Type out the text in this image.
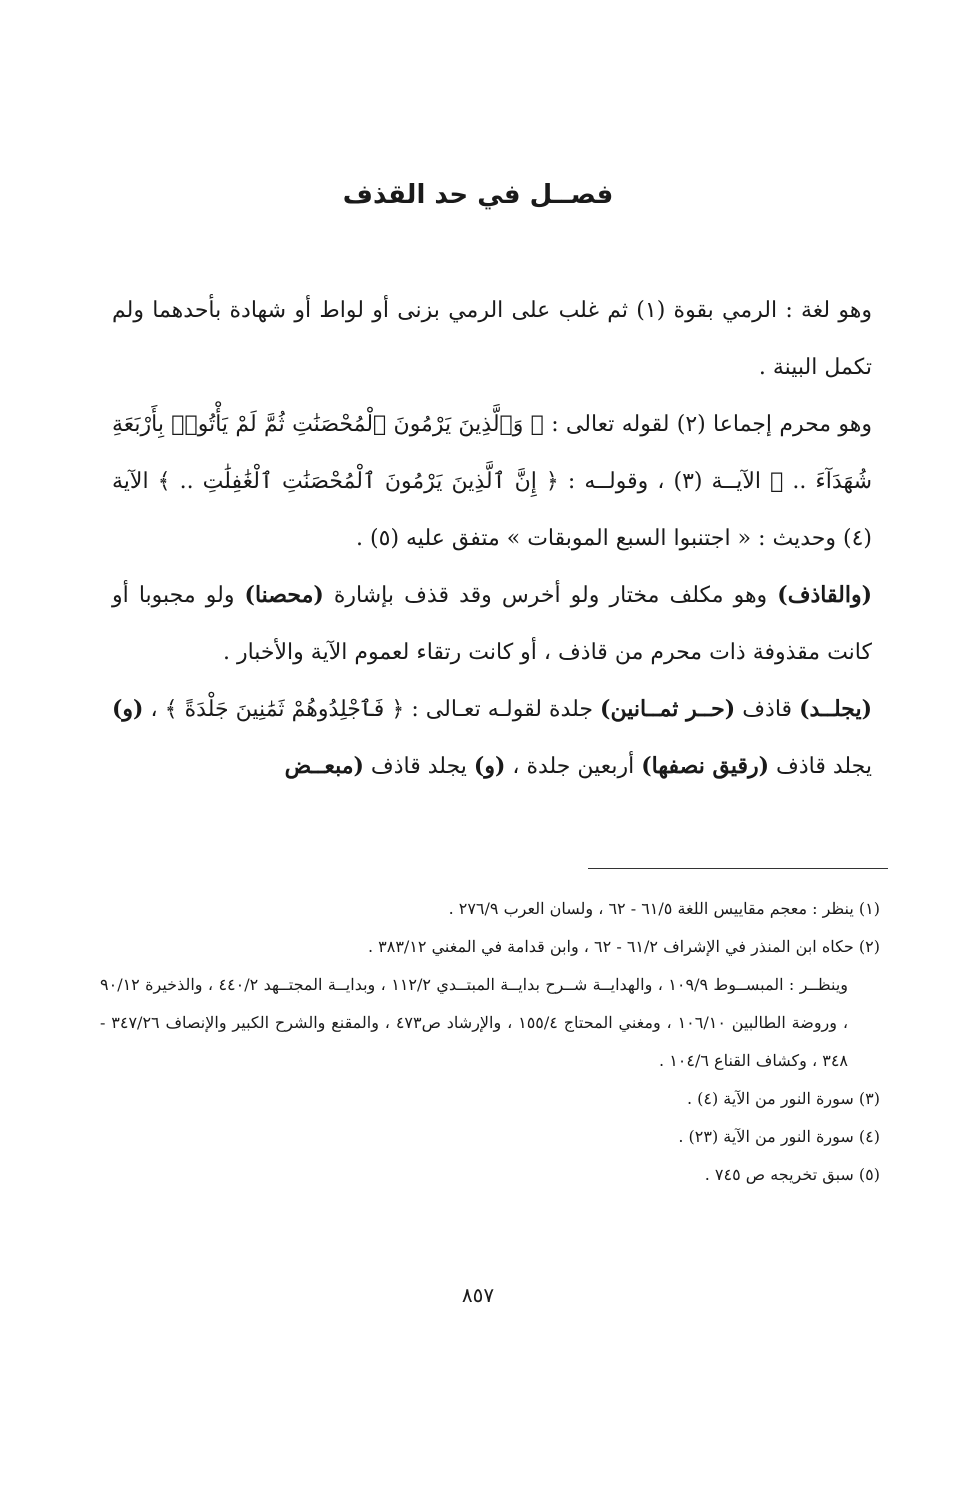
فصــل في حد القذف

وهو لغة : الرمي بقوة (١) ثم غلب على الرمي بزنى أو لواط أو شهادة بأحدهما ولم تكمل البينة .

وهو محرم إجماعا (٢) لقوله تعالى : ﴿ وَٱلَّذِينَ يَرْمُونَ ٱلْمُحْصَنَٰتِ ثُمَّ لَمْ يَأْتُوا۟ بِأَرْبَعَةِ شُهَدَآءَ .. ﴾ الآيــة (٣) ، وقولــه : ﴿ إِنَّ ٱلَّذِينَ يَرْمُونَ ٱلْمُحْصَنَٰتِ ٱلْغَٰفِلَٰتِ .. ﴾ الآية (٤) وحديث : « اجتنبوا السبع الموبقات » متفق عليه (٥) .

(والقاذف) وهو مكلف مختار ولو أخرس وقد قذف بإشارة (محصنا) ولو مجبوبا أو كانت مقذوفة ذات محرم من قاذف ، أو كانت رتقاء لعموم الآية والأخبار .

(يجلــد) قاذف (حــر ثمــانين) جلدة لقولـه تعـالى : ﴿ فَٱجْلِدُوهُمْ ثَمَٰنِينَ جَلْدَةً ﴾ ، (و) يجلد قاذف (رقيق نصفها) أربعين جلدة ، (و) يجلد قاذف (مبعــض

(١) ينظر : معجم مقاييس اللغة ٦١/٥ - ٦٢ ، ولسان العرب ٢٧٦/٩ .

(٢) حكاه ابن المنذر في الإشراف ٦١/٢ - ٦٢ ، وابن قدامة في المغني ٣٨٣/١٢ .

وينظــر : المبســوط ١٠٩/٩ ، والهدايــة شــرح بدايــة المبتــدي ١١٢/٢ ، وبدايــة المجتــهد ٤٤٠/٢ ، والذخيرة ٩٠/١٢ ، وروضة الطالبين ١٠٦/١٠ ، ومغني المحتاج ١٥٥/٤ ، والإرشاد ص٤٧٣ ، والمقنع والشرح الكبير والإنصاف ٣٤٧/٢٦ - ٣٤٨ ، وكشاف القناع ١٠٤/٦ .

(٣) سورة النور من الآية (٤) .

(٤) سورة النور من الآية (٢٣) .

(٥) سبق تخريجه ص ٧٤٥ .

٨٥٧
